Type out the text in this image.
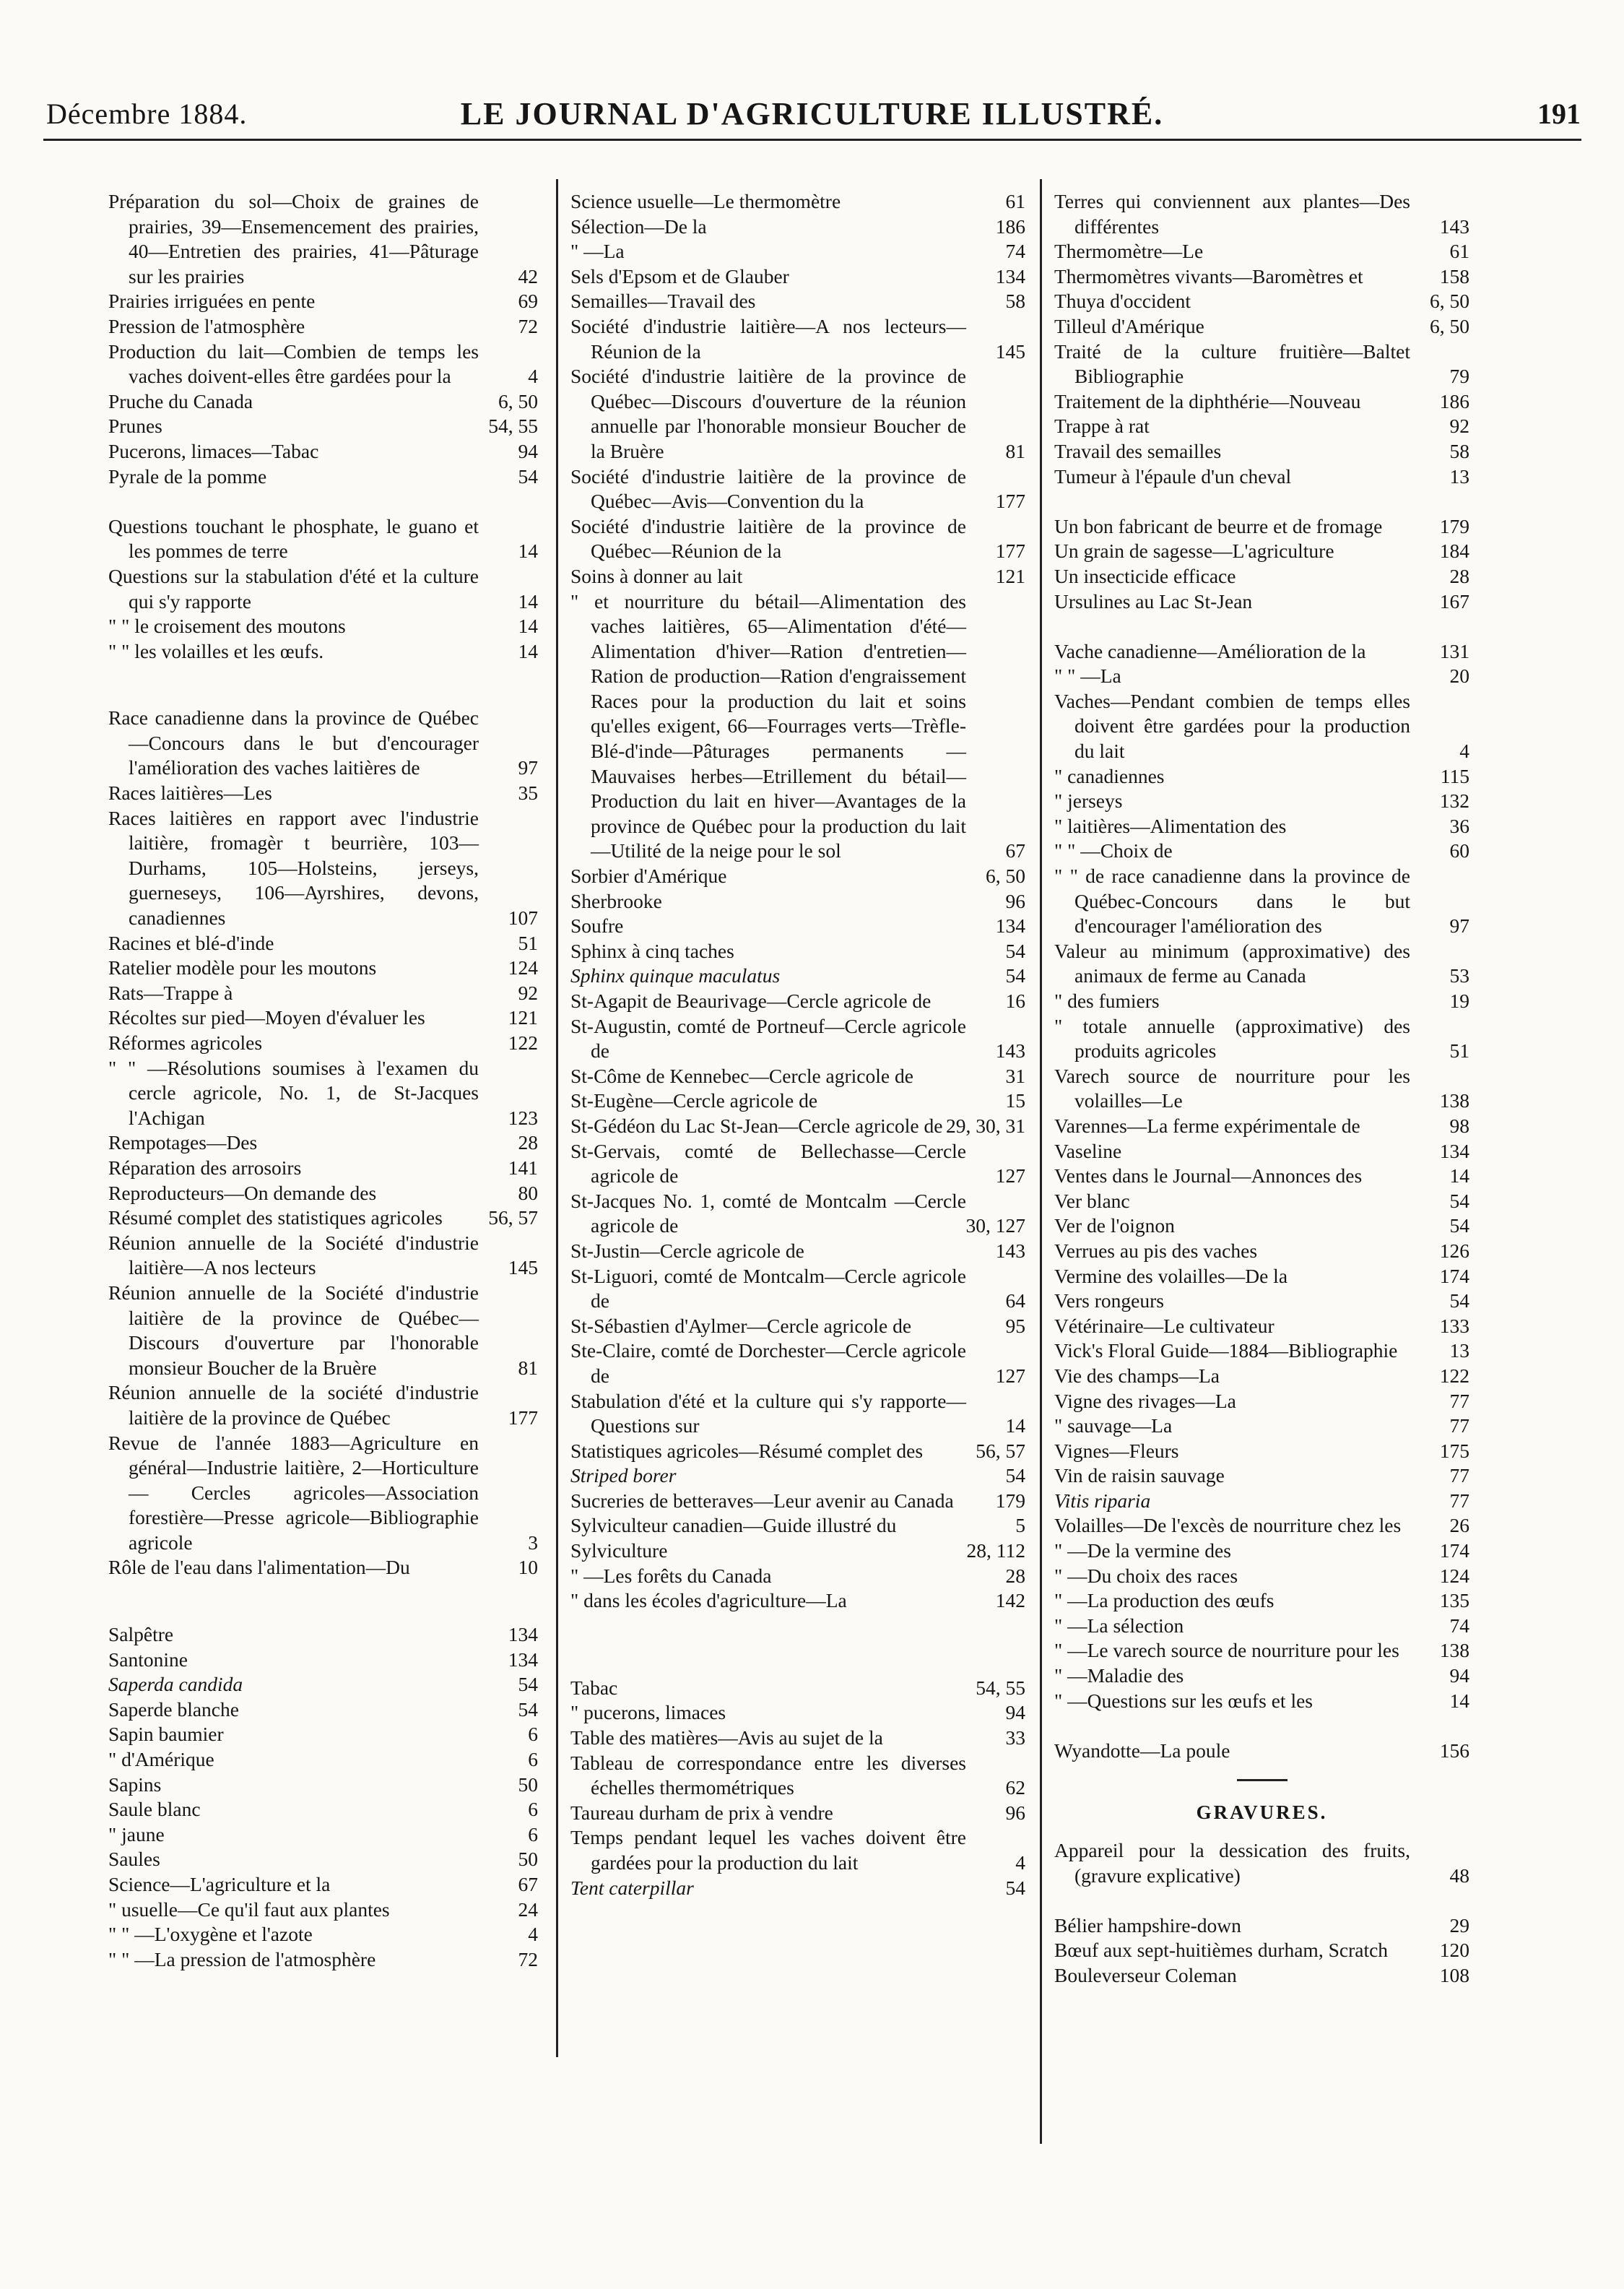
Décembre 1884.	LE JOURNAL D'AGRICULTURE ILLUSTRÉ.	191
Préparation du sol—Choix de graines de prairies, 39—Ensemencement des prairies, 40—Entretien des prairies, 41—Pâturage sur les prairies	42
Prairies irriguées en pente	69
Pression de l'atmosphère	72
Production du lait—Combien de temps les vaches doivent-elles être gardées pour la	4
Pruche du Canada	6, 50
Prunes	54, 55
Pucerons, limaces—Tabac	94
Pyrale de la pomme	54
Questions touchant le phosphate, le guano et les pommes de terre	14
Questions sur la stabulation d'été et la culture qui s'y rapporte	14
" " le croisement des moutons	14
" " les volailles et les œufs.	14
Race canadienne dans la province de Québec—Concours dans le but d'encourager l'amélioration des vaches laitières de	97
Races laitières—Les	35
Races laitières en rapport avec l'industrie laitière, fromagèr t beurrière, 103—Durhams, 105—Holsteins, jerseys, guerneseys, 106—Ayrshires, devons, canadiennes	107
Racines et blé-d'inde	51
Ratelier modèle pour les moutons	124
Rats—Trappe à	92
Récoltes sur pied—Moyen d'évaluer les	121
Réformes agricoles	122
" " —Résolutions soumises à l'examen du cercle agricole, No. 1, de St-Jacques l'Achigan	123
Rempotages—Des	28
Réparation des arrosoirs	141
Reproducteurs—On demande des	80
Résumé complet des statistiques agricoles	56, 57
Réunion annuelle de la Société d'industrie laitière—A nos lecteurs	145
Réunion annuelle de la Société d'industrie laitière de la province de Québec—Discours d'ouverture par l'honorable monsieur Boucher de la Bruère	81
Réunion annuelle de la société d'industrie laitière de la province de Québec	177
Revue de l'année 1883—Agriculture en général—Industrie laitière, 2—Horticulture — Cercles agricoles—Association forestière—Presse agricole—Bibliographie agricole	3
Rôle de l'eau dans l'alimentation—Du	10
Salpêtre	134
Santonine	134
Saperda candida	54
Saperde blanche	54
Sapin baumier	6
" d'Amérique	6
Sapins	50
Saule blanc	6
" jaune	6
Saules	50
Science—L'agriculture et la	67
" usuelle—Ce qu'il faut aux plantes	24
" " —L'oxygène et l'azote	4
" " —La pression de l'atmosphère	72
Science usuelle—Le thermomètre	61
Sélection—De la	186
" —La	74
Sels d'Epsom et de Glauber	134
Semailles—Travail des	58
Société d'industrie laitière—A nos lecteurs—Réunion de la	145
Société d'industrie laitière de la province de Québec—Discours d'ouverture de la réunion annuelle par l'honorable monsieur Boucher de la Bruère	81
Société d'industrie laitière de la province de Québec—Avis—Convention du la	177
Société d'industrie laitière de la province de Québec—Réunion de la	177
Soins à donner au lait	121
" et nourriture du bétail—Alimentation des vaches laitières, 65—Alimentation d'été—Alimentation d'hiver—Ration d'entretien—Ration de production—Ration d'engraissement Races pour la production du lait et soins qu'elles exigent, 66—Fourrages verts—Trèfle- Blé-d'inde—Pâturages permanents — Mauvaises herbes—Etrillement du bétail—Production du lait en hiver—Avantages de la province de Québec pour la production du lait—Utilité de la neige pour le sol	67
Sorbier d'Amérique	6, 50
Sherbrooke	96
Soufre	134
Sphinx à cinq taches	54
Sphinx quinque maculatus	54
St-Agapit de Beaurivage—Cercle agricole de	16
St-Augustin, comté de Portneuf—Cercle agricole de	143
St-Côme de Kennebec—Cercle agricole de	31
St-Eugène—Cercle agricole de	15
St-Gédéon du Lac St-Jean—Cercle agricole de 29, 30, 31
St-Gervais, comté de Bellechasse—Cercle agricole de	127
St-Jacques No. 1, comté de Montcalm —Cercle agricole de	30, 127
St-Justin—Cercle agricole de	143
St-Liguori, comté de Montcalm—Cercle agricole de	64
St-Sébastien d'Aylmer—Cercle agricole de	95
Ste-Claire, comté de Dorchester—Cercle agricole de	127
Stabulation d'été et la culture qui s'y rapporte—Questions sur	14
Statistiques agricoles—Résumé complet des	56, 57
Striped borer	54
Sucreries de betteraves—Leur avenir au Canada	179
Sylviculteur canadien—Guide illustré du	5
Sylviculture	28, 112
" —Les forêts du Canada	28
" dans les écoles d'agriculture—La	142
Tabac	54, 55
" pucerons, limaces	94
Table des matières—Avis au sujet de la	33
Tableau de correspondance entre les diverses échelles thermométriques	62
Taureau durham de prix à vendre	96
Temps pendant lequel les vaches doivent être gardées pour la production du lait	4
Tent caterpillar	54
Terres qui conviennent aux plantes—Des différentes	143
Thermomètre—Le	61
Thermomètres vivants—Baromètres et	158
Thuya d'occident	6, 50
Tilleul d'Amérique	6, 50
Traité de la culture fruitière—Baltet Bibliographie	79
Traitement de la diphthérie—Nouveau	186
Trappe à rat	92
Travail des semailles	58
Tumeur à l'épaule d'un cheval	13
Un bon fabricant de beurre et de fromage	179
Un grain de sagesse—L'agriculture	184
Un insecticide efficace	28
Ursulines au Lac St-Jean	167
Vache canadienne—Amélioration de la	131
" " —La	20
Vaches—Pendant combien de temps elles doivent être gardées pour la production du lait	4
" canadiennes	115
" jerseys	132
" laitières—Alimentation des	36
" " —Choix de	60
" " de race canadienne dans la province de Québec-Concours dans le but d'encourager l'amélioration des	97
Valeur au minimum (approximative) des animaux de ferme au Canada	53
" des fumiers	19
" totale annuelle (approximative) des produits agricoles	51
Varech source de nourriture pour les volailles—Le	138
Varennes—La ferme expérimentale de	98
Vaseline	134
Ventes dans le Journal—Annonces des	14
Ver blanc	54
Ver de l'oignon	54
Verrues au pis des vaches	126
Vermine des volailles—De la	174
Vers rongeurs	54
Vétérinaire—Le cultivateur	133
Vick's Floral Guide—1884—Bibliographie	13
Vie des champs—La	122
Vigne des rivages—La	77
" sauvage—La	77
Vignes—Fleurs	175
Vin de raisin sauvage	77
Vitis riparia	77
Volailles—De l'excès de nourriture chez les	26
" —De la vermine des	174
" —Du choix des races	124
" —La production des œufs	135
" —La sélection	74
" —Le varech source de nourriture pour les	138
" —Maladie des	94
" —Questions sur les œufs et les	14
Wyandotte—La poule	156
GRAVURES.
Appareil pour la dessication des fruits, (gravure explicative)	48
Bélier hampshire-down	29
Bœuf aux sept-huitièmes durham, Scratch	120
Bouleverseur Coleman	108
